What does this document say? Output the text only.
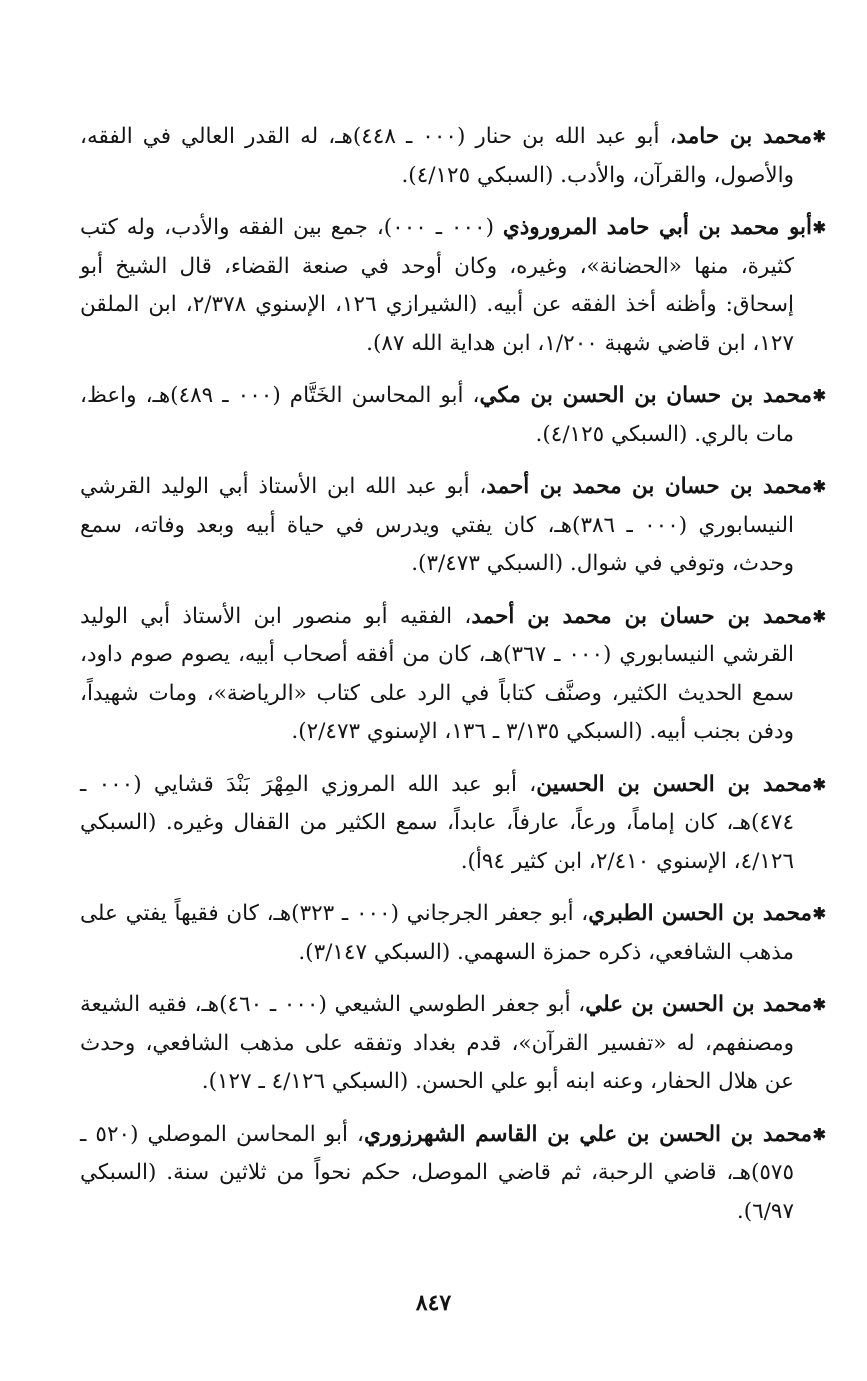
✱

محمد بن حامد، أبو عبد الله بن حنار (٠٠٠ ـ ٤٤٨)هـ، له القدر العالي في الفقه، والأصول، والقرآن، والأدب. (السبكي ٤/١٢٥).

✱

أبو محمد بن أبي حامد المروروذي (٠٠٠ ـ ٠٠٠)، جمع بين الفقه والأدب، وله كتب كثيرة، منها «الحضانة»، وغيره، وكان أوحد في صنعة القضاء، قال الشيخ أبو إسحاق: وأظنه أخذ الفقه عن أبيه. (الشيرازي ١٢٦، الإسنوي ٢/٣٧٨، ابن الملقن ١٢٧، ابن قاضي شهبة ١/٢٠٠، ابن هداية الله ٨٧).

✱

محمد بن حسان بن الحسن بن مكي، أبو المحاسن الخَتَّام (٠٠٠ ـ ٤٨٩)هـ، واعظ، مات بالري. (السبكي ٤/١٢٥).

✱

محمد بن حسان بن محمد بن أحمد، أبو عبد الله ابن الأستاذ أبي الوليد القرشي النيسابوري (٠٠٠ ـ ٣٨٦)هـ، كان يفتي ويدرس في حياة أبيه وبعد وفاته، سمع وحدث، وتوفي في شوال. (السبكي ٣/٤٧٣).

✱

محمد بن حسان بن محمد بن أحمد، الفقيه أبو منصور ابن الأستاذ أبي الوليد القرشي النيسابوري (٠٠٠ ـ ٣٦٧)هـ، كان من أفقه أصحاب أبيه، يصوم صوم داود، سمع الحديث الكثير، وصنَّف كتاباً في الرد على كتاب «الرياضة»، ومات شهيداً، ودفن بجنب أبيه. (السبكي ٣/١٣٥ ـ ١٣٦، الإسنوي ٢/٤٧٣).

✱

محمد بن الحسن بن الحسين، أبو عبد الله المروزي المِهْرَ بَنْدَ قشايي (٠٠٠ ـ ٤٧٤)هـ، كان إماماً، ورعاً، عارفاً، عابداً، سمع الكثير من القفال وغيره. (السبكي ٤/١٢٦، الإسنوي ٢/٤١٠، ابن كثير ٩٤أ).

✱

محمد بن الحسن الطبري، أبو جعفر الجرجاني (٠٠٠ ـ ٣٢٣)هـ، كان فقيهاً يفتي على مذهب الشافعي، ذكره حمزة السهمي. (السبكي ٣/١٤٧).

✱

محمد بن الحسن بن علي، أبو جعفر الطوسي الشيعي (٠٠٠ ـ ٤٦٠)هـ، فقيه الشيعة ومصنفهم، له «تفسير القرآن»، قدم بغداد وتفقه على مذهب الشافعي، وحدث عن هلال الحفار، وعنه ابنه أبو علي الحسن. (السبكي ٤/١٢٦ ـ ١٢٧).

✱

محمد بن الحسن بن علي بن القاسم الشهرزوري، أبو المحاسن الموصلي (٥٢٠ ـ ٥٧٥)هـ، قاضي الرحبة، ثم قاضي الموصل، حكم نحواً من ثلاثين سنة. (السبكي ٦/٩٧).

٨٤٧
